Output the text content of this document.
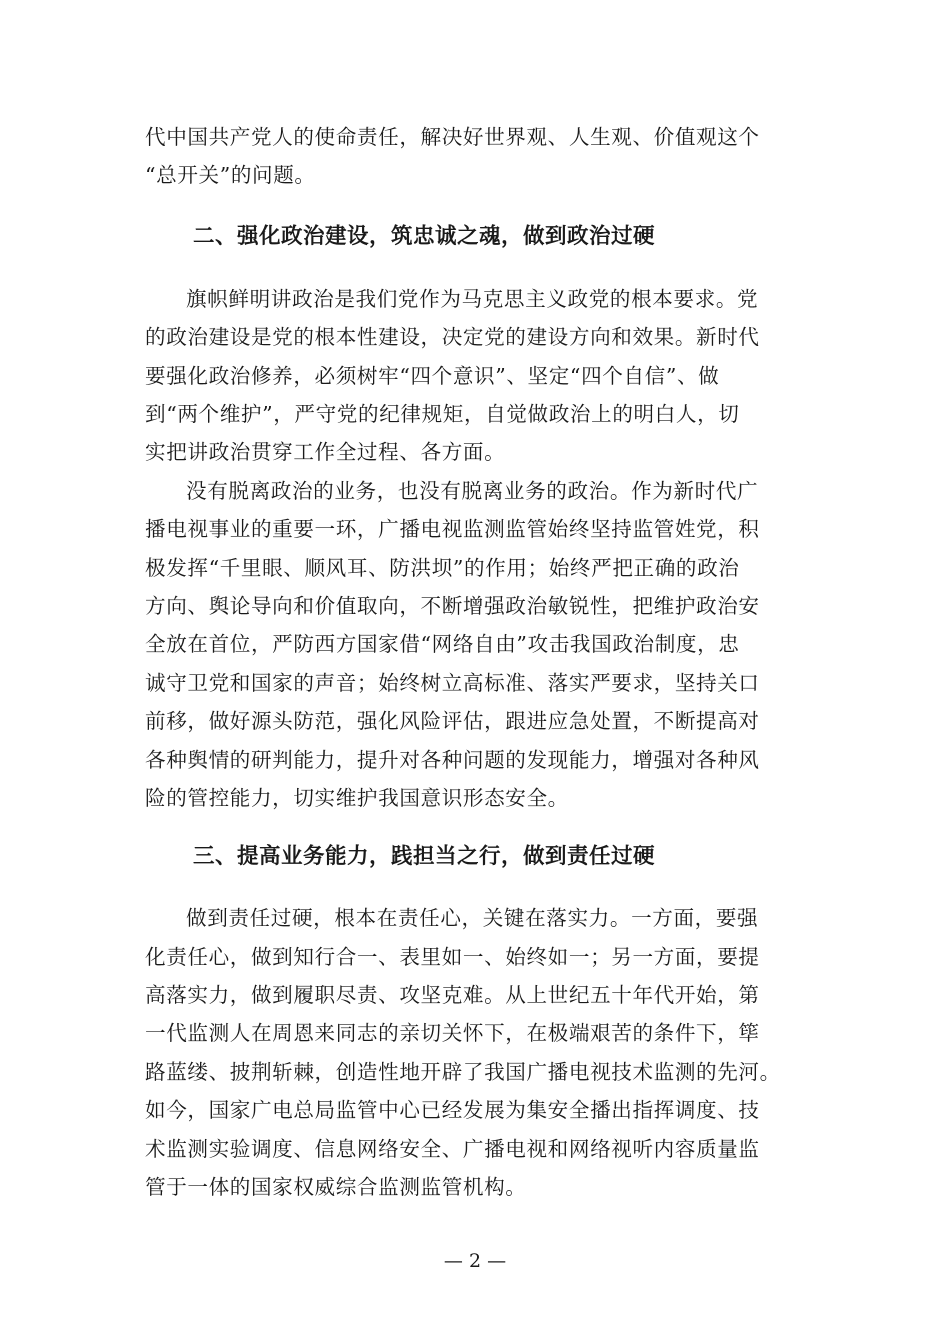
代中国共产党人的使命责任，解决好世界观、人生观、价值观这个
“总开关”的问题。
二、强化政治建设，筑忠诚之魂，做到政治过硬
旗帜鲜明讲政治是我们党作为马克思主义政党的根本要求。党
的政治建设是党的根本性建设，决定党的建设方向和效果。新时代
要强化政治修养，必须树牢“四个意识”、坚定“四个自信”、做
到“两个维护”，严守党的纪律规矩，自觉做政治上的明白人，切
实把讲政治贯穿工作全过程、各方面。
没有脱离政治的业务，也没有脱离业务的政治。作为新时代广
播电视事业的重要一环，广播电视监测监管始终坚持监管姓党，积
极发挥“千里眼、顺风耳、防洪坝”的作用；始终严把正确的政治
方向、舆论导向和价值取向，不断增强政治敏锐性，把维护政治安
全放在首位，严防西方国家借“网络自由”攻击我国政治制度，忠
诚守卫党和国家的声音；始终树立高标准、落实严要求，坚持关口
前移，做好源头防范，强化风险评估，跟进应急处置，不断提高对
各种舆情的研判能力，提升对各种问题的发现能力，增强对各种风
险的管控能力，切实维护我国意识形态安全。
三、提高业务能力，践担当之行，做到责任过硬
做到责任过硬，根本在责任心，关键在落实力。一方面，要强
化责任心，做到知行合一、表里如一、始终如一；另一方面，要提
高落实力，做到履职尽责、攻坚克难。从上世纪五十年代开始，第
一代监测人在周恩来同志的亲切关怀下，在极端艰苦的条件下，筚
路蓝缕、披荆斩棘，创造性地开辟了我国广播电视技术监测的先河。
如今，国家广电总局监管中心已经发展为集安全播出指挥调度、技
术监测实验调度、信息网络安全、广播电视和网络视听内容质量监
管于一体的国家权威综合监测监管机构。
— 2 —
